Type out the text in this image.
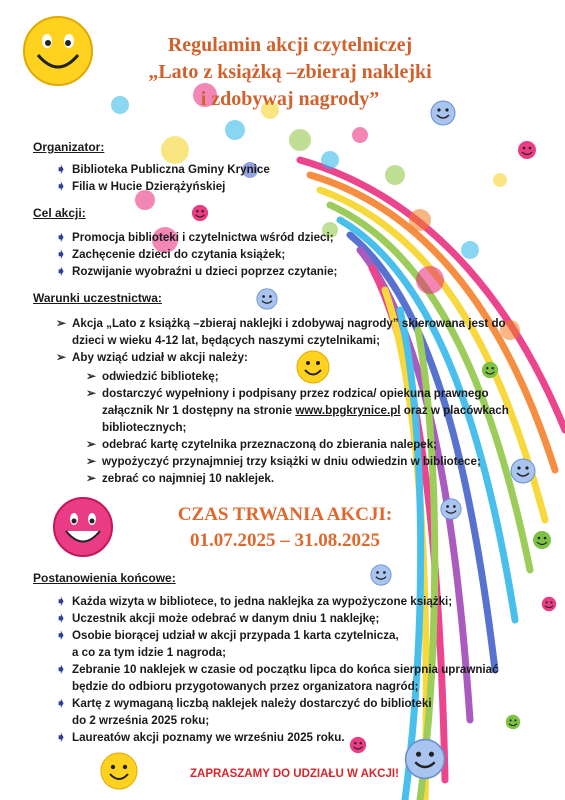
Regulamin akcji czytelniczej
„Lato z książką –zbieraj naklejki
i zdobywaj nagrody”
Organizator:
➧ Biblioteka Publiczna Gminy Krynice
➧ Filia w Hucie Dzierążyńskiej
Cel akcji:
➧ Promocja biblioteki i czytelnictwa wśród dzieci;
➧ Zachęcenie dzieci do czytania książek;
➧ Rozwijanie wyobraźni u dzieci poprzez czytanie;
Warunki uczestnictwa:
➢ Akcja „Lato z książką –zbieraj naklejki i zdobywaj nagrody” skierowana jest do
dzieci w wieku 4-12 lat, będących naszymi czytelnikami;
➢ Aby wziąć udział w akcji należy:
➢ odwiedzić bibliotekę;
➢ dostarczyć wypełniony i podpisany przez rodzica/ opiekuna prawnego
załącznik Nr 1 dostępny na stronie www.bpgkrynice.pl oraz w placówkach
bibliotecznych;
➢ odebrać kartę czytelnika przeznaczoną do zbierania nalepek;
➢ wypożyczyć przynajmniej trzy książki w dniu odwiedzin w bibliotece;
➢ zebrać co najmniej 10 naklejek.
CZAS TRWANIA AKCJI:
01.07.2025 – 31.08.2025
Postanowienia końcowe:
➧ Każda wizyta w bibliotece, to jedna naklejka za wypożyczone książki;
➧ Uczestnik akcji może odebrać w danym dniu 1 naklejkę;
➧ Osobie biorącej udział w akcji przypada 1 karta czytelnicza,
a co za tym idzie 1 nagroda;
➧ Zebranie 10 naklejek w czasie od początku lipca do końca sierpnia uprawniać
będzie do odbioru przygotowanych przez organizatora nagród;
➧ Kartę z wymaganą liczbą naklejek należy dostarczyć do biblioteki
do 2 września 2025 roku;
➧ Laureatów akcji poznamy we wrześniu 2025 roku.
ZAPRASZAMY DO UDZIAŁU W AKCJI!
